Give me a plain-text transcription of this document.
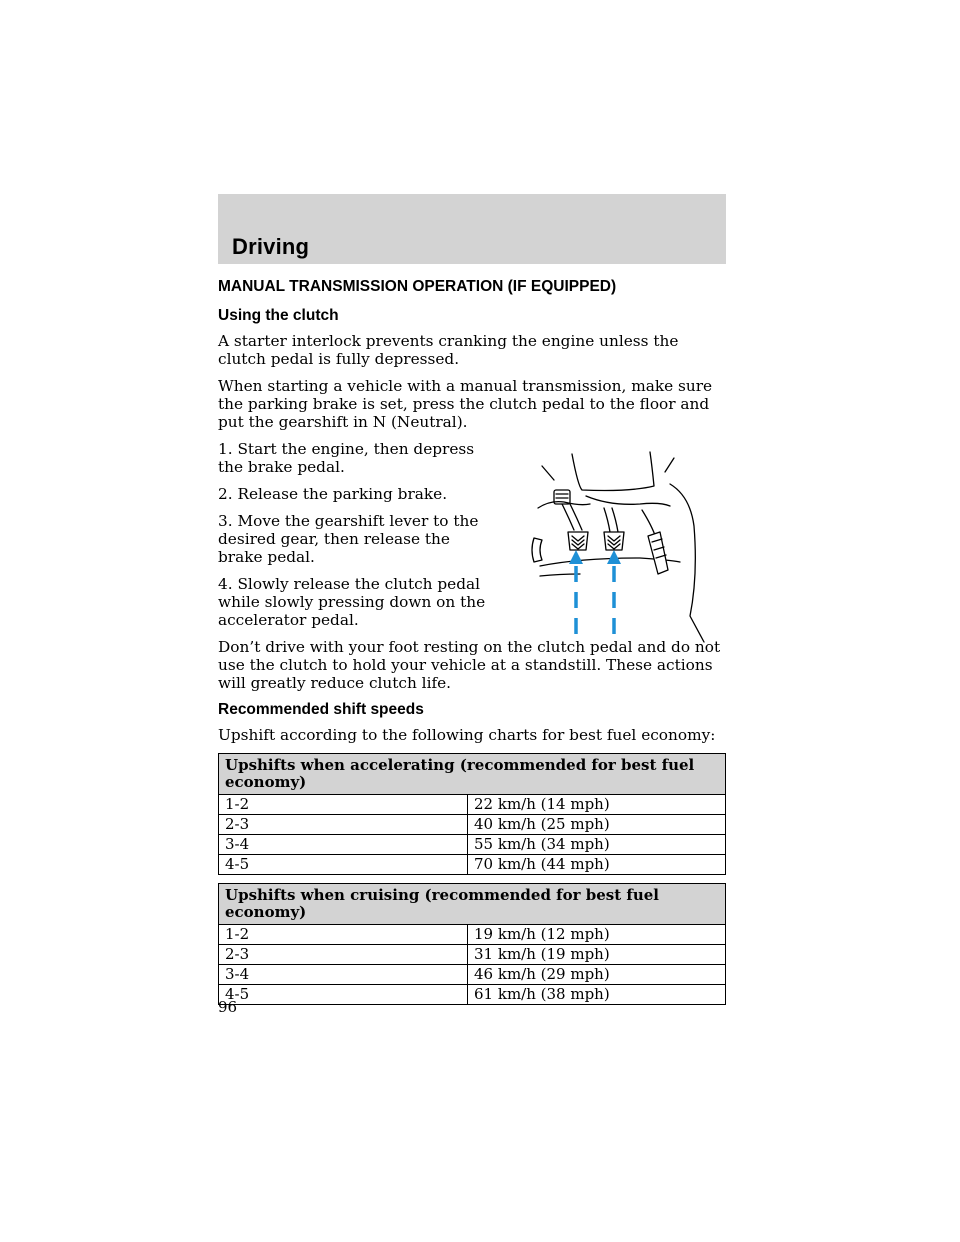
Driving
MANUAL TRANSMISSION OPERATION (IF EQUIPPED)
Using the clutch

A starter interlock prevents cranking the engine unless the clutch pedal is fully depressed.

When starting a vehicle with a manual transmission, make sure the parking brake is set, press the clutch pedal to the floor and put the gearshift in N (Neutral).

1. Start the engine, then depress the brake pedal.

2. Release the parking brake.

3. Move the gearshift lever to the desired gear, then release the brake pedal.

4. Slowly release the clutch pedal while slowly pressing down on the accelerator pedal.

Don’t drive with your foot resting on the clutch pedal and do not use the clutch to hold your vehicle at a standstill. These actions will greatly reduce clutch life.

Recommended shift speeds

Upshift according to the following charts for best fuel economy:

Upshifts when accelerating (recommended for best fuel economy)	
1-2	22 km/h (14 mph)
2-3	40 km/h (25 mph)
3-4	55 km/h (34 mph)
4-5	70 km/h (44 mph)
Upshifts when cruising (recommended for best fuel economy)	
1-2	19 km/h (12 mph)
2-3	31 km/h (19 mph)
3-4	46 km/h (29 mph)
4-5	61 km/h (38 mph)
96
